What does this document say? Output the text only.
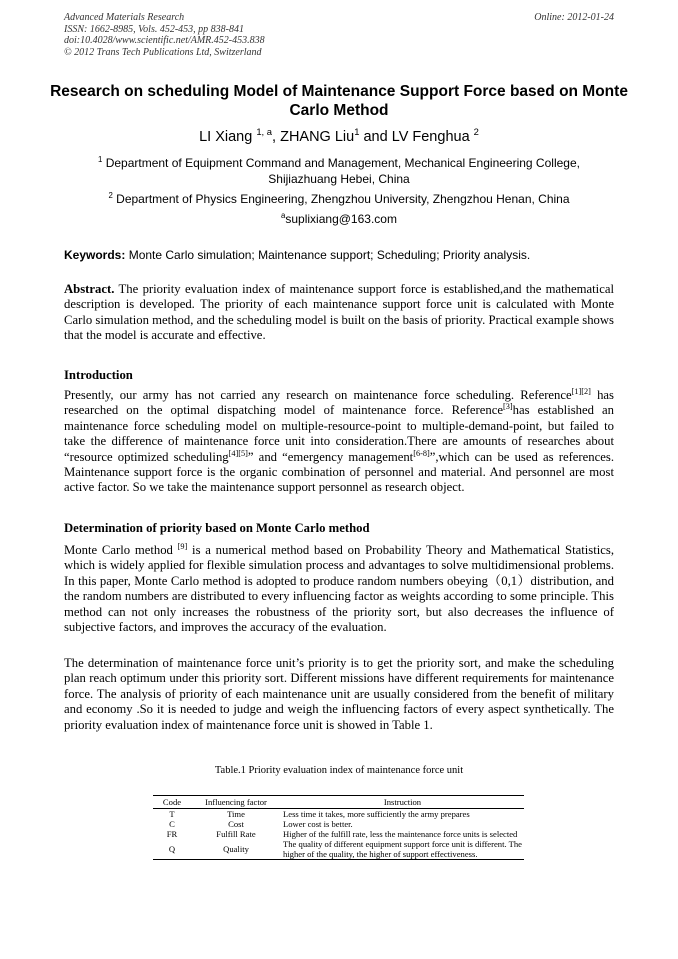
Advanced Materials Research
ISSN: 1662-8985, Vols. 452-453, pp 838-841
doi:10.4028/www.scientific.net/AMR.452-453.838
© 2012 Trans Tech Publications Ltd, Switzerland
Online: 2012-01-24
Research on scheduling Model of Maintenance Support Force based on Monte Carlo Method
LI Xiang $^{1, a}$, ZHANG Liu$^1$ and LV Fenghua $^2$
$^1$ Department of Equipment Command and Management, Mechanical Engineering College, Shijiazhuang Hebei, China
$^2$ Department of Physics Engineering, Zhengzhou University, Zhengzhou Henan, China
$^a$suplixiang@163.com
Keywords: Monte Carlo simulation; Maintenance support; Scheduling; Priority analysis.
Abstract. The priority evaluation index of maintenance support force is established,and the mathematical description is developed. The priority of each maintenance support force unit is calculated with Monte Carlo simulation method, and the scheduling model is built on the basis of priority. Practical example shows that the model is accurate and effective.
Introduction
Presently, our army has not carried any research on maintenance force scheduling. Reference[1][2] has researched on the optimal dispatching model of maintenance force. Reference[3]has established an maintenance force scheduling model on multiple-resource-point to multiple-demand-point, but failed to take the difference of maintenance force unit into consideration.There are amounts of researches about “resource optimized scheduling[4][5]” and “emergency management[6-8]”,which can be used as references. Maintenance support force is the organic combination of personnel and material. And personnel are most active factor. So we take the maintenance support personnel as research object.
Determination of priority based on Monte Carlo method
Monte Carlo method [9] is a numerical method based on Probability Theory and Mathematical Statistics, which is widely applied for flexible simulation process and advantages to solve multidimensional problems. In this paper, Monte Carlo method is adopted to produce random numbers obeying（0,1）distribution, and the random numbers are distributed to every influencing factor as weights according to some principle. This method can not only increases the robustness of the priority sort, but also decreases the influence of subjective factors, and improves the accuracy of the evaluation.
The determination of maintenance force unit’s priority is to get the priority sort, and make the scheduling plan reach optimum under this priority sort. Different missions have different requirements for maintenance force. The analysis of priority of each maintenance unit are usually considered from the benefit of military and economy .So it is needed to judge and weigh the influencing factors of every aspect synthetically. The priority evaluation index of maintenance force unit is showed in Table 1.
Table.1 Priority evaluation index of maintenance force unit
Code	Influencing factor	Instruction
T	Time	Less time it takes, more sufficiently the army prepares
C	Cost	Lower cost is better.
FR	Fulfill Rate	Higher of the fulfill rate, less the maintenance force units is selected
Q	Quality	The quality of different equipment support force unit is different. The higher of the quality, the higher of support effectiveness.
